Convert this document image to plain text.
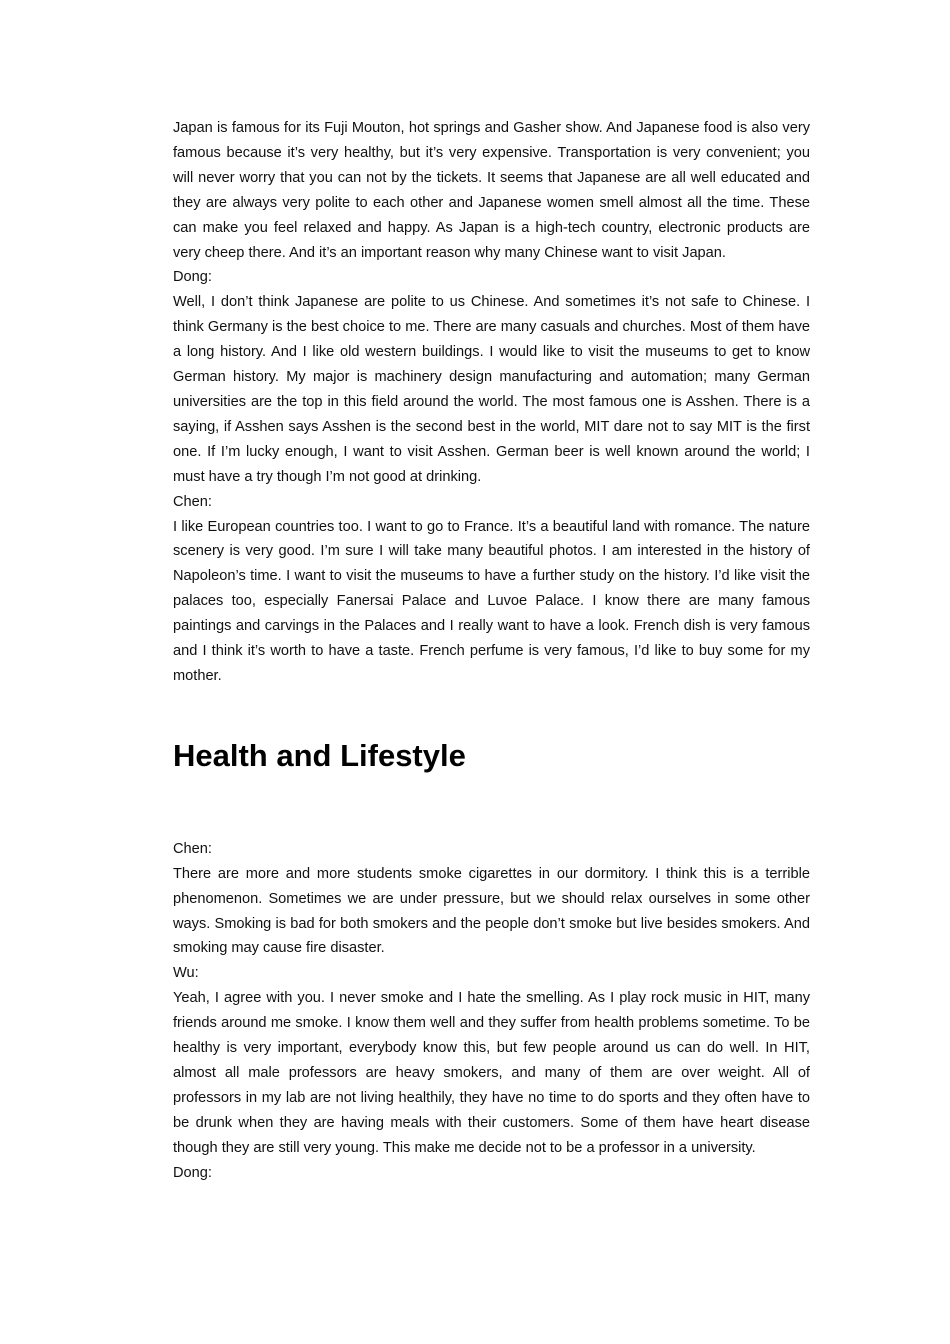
Japan is famous for its Fuji Mouton, hot springs and Gasher show. And Japanese food is also very famous because it’s very healthy, but it’s very expensive. Transportation is very convenient; you will never worry that you can not by the tickets. It seems that Japanese are all well educated and they are always very polite to each other and Japanese women smell almost all the time. These can make you feel relaxed and happy. As Japan is a high-tech country, electronic products are very cheep there. And it’s an important reason why many Chinese want to visit Japan.

Dong:

Well, I don’t think Japanese are polite to us Chinese. And sometimes it’s not safe to Chinese. I think Germany is the best choice to me. There are many casuals and churches. Most of them have a long history. And I like old western buildings. I would like to visit the museums to get to know German history. My major is machinery design manufacturing and automation; many German universities are the top in this field around the world. The most famous one is Asshen. There is a saying, if Asshen says Asshen is the second best in the world, MIT dare not to say MIT is the first one. If I’m lucky enough, I want to visit Asshen. German beer is well known around the world; I must have a try though I’m not good at drinking.

Chen:

I like European countries too. I want to go to France. It’s a beautiful land with romance. The nature scenery is very good. I’m sure I will take many beautiful photos. I am interested in the history of Napoleon’s time. I want to visit the museums to have a further study on the history. I’d like visit the palaces too, especially Fanersai Palace and Luvoe Palace. I know there are many famous paintings and carvings in the Palaces and I really want to have a look. French dish is very famous and I think it’s worth to have a taste. French perfume is very famous, I’d like to buy some for my mother.

Health and Lifestyle

Chen:

There are more and more students smoke cigarettes in our dormitory. I think this is a terrible phenomenon. Sometimes we are under pressure, but we should relax ourselves in some other ways. Smoking is bad for both smokers and the people don’t smoke but live besides smokers. And smoking may cause fire disaster.

Wu:

Yeah, I agree with you. I never smoke and I hate the smelling. As I play rock music in HIT, many friends around me smoke. I know them well and they suffer from health problems sometime. To be healthy is very important, everybody know this, but few people around us can do well. In HIT, almost all male professors are heavy smokers, and many of them are over weight. All of professors in my lab are not living healthily, they have no time to do sports and they often have to be drunk when they are having meals with their customers. Some of them have heart disease though they are still very young. This make me decide not to be a professor in a university.

Dong:
